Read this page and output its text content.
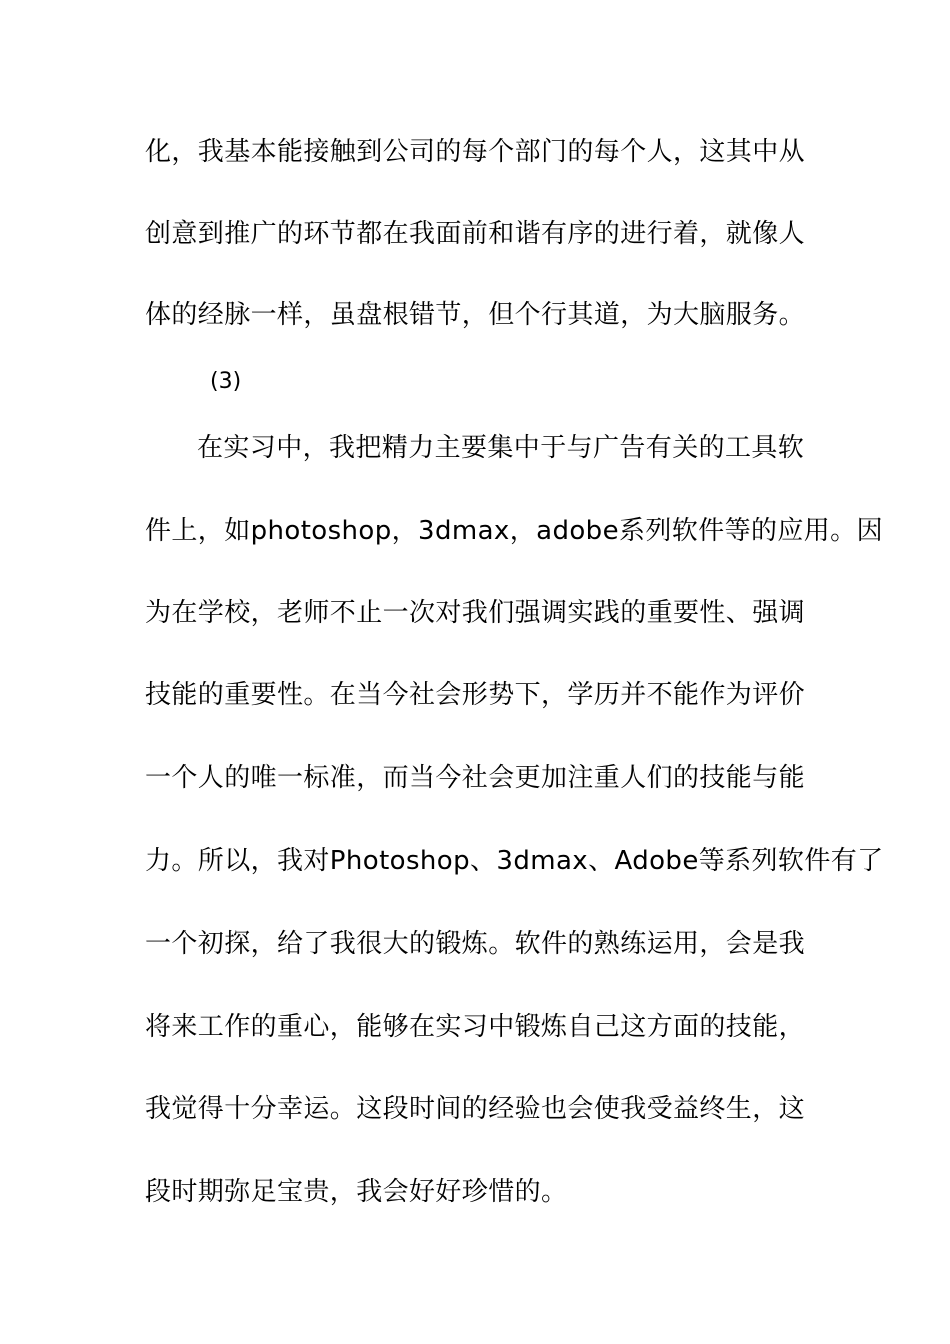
化，我基本能接触到公司的每个部门的每个人，这其中从
创意到推广的环节都在我面前和谐有序的进行着，就像人
体的经脉一样，虽盘根错节，但个行其道，为大脑服务。
(3)
在实习中，我把精力主要集中于与广告有关的工具软
件上，如photoshop，3dmax，adobe系列软件等的应用。因
为在学校，老师不止一次对我们强调实践的重要性、强调
技能的重要性。在当今社会形势下，学历并不能作为评价
一个人的唯一标准，而当今社会更加注重人们的技能与能
力。所以，我对Photoshop、3dmax、Adobe等系列软件有了
一个初探，给了我很大的锻炼。软件的熟练运用，会是我
将来工作的重心，能够在实习中锻炼自己这方面的技能，
我觉得十分幸运。这段时间的经验也会使我受益终生，这
段时期弥足宝贵，我会好好珍惜的。
